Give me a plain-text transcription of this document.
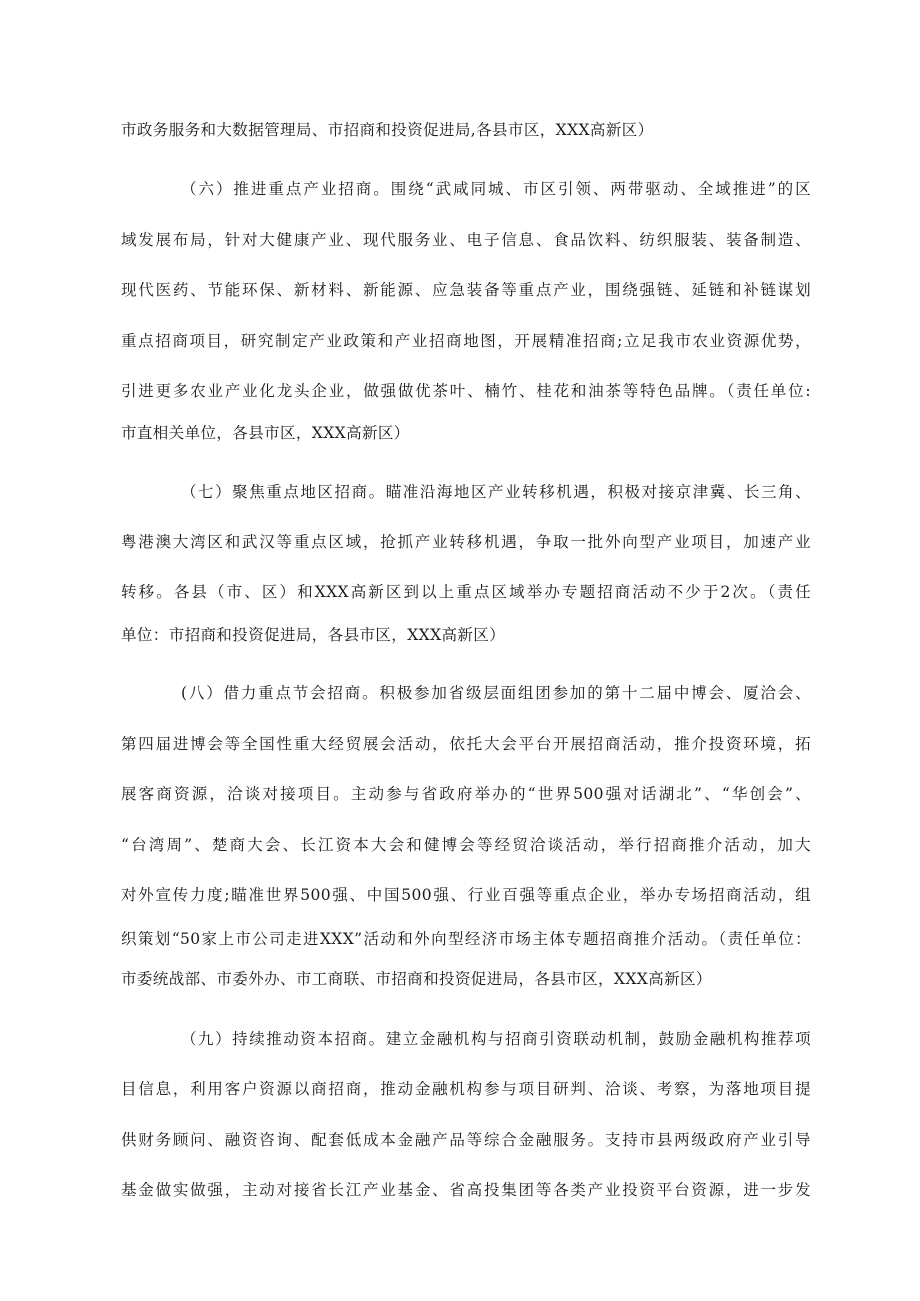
市政务服务和大数据管理局、市招商和投资促进局,各县市区，XXX高新区）
（六）推进重点产业招商。围绕“武咸同城、市区引领、两带驱动、全域推进”的区
域发展布局，针对大健康产业、现代服务业、电子信息、食品饮料、纺织服装、装备制造、
现代医药、节能环保、新材料、新能源、应急装备等重点产业，围绕强链、延链和补链谋划
重点招商项目，研究制定产业政策和产业招商地图，开展精准招商;立足我市农业资源优势，
引进更多农业产业化龙头企业，做强做优茶叶、楠竹、桂花和油茶等特色品牌。（责任单位:
市直相关单位，各县市区，XXX高新区）
（七）聚焦重点地区招商。瞄准沿海地区产业转移机遇，积极对接京津冀、长三角、
粤港澳大湾区和武汉等重点区域，抢抓产业转移机遇，争取一批外向型产业项目，加速产业
转移。各县（市、区）和XXX高新区到以上重点区域举办专题招商活动不少于2次。（责任
单位：市招商和投资促进局，各县市区，XXX高新区）
(八）借力重点节会招商。积极参加省级层面组团参加的第十二届中博会、厦洽会、
第四届进博会等全国性重大经贸展会活动，依托大会平台开展招商活动，推介投资环境，拓
展客商资源，洽谈对接项目。主动参与省政府举办的“世界500强对话湖北”、“华创会”、
“台湾周”、楚商大会、长江资本大会和健博会等经贸洽谈活动，举行招商推介活动，加大
对外宣传力度;瞄准世界500强、中国500强、行业百强等重点企业，举办专场招商活动，组
织策划“50家上市公司走进XXX”活动和外向型经济市场主体专题招商推介活动。（责任单位：
市委统战部、市委外办、市工商联、市招商和投资促进局，各县市区，XXX高新区）
（九）持续推动资本招商。建立金融机构与招商引资联动机制，鼓励金融机构推荐项
目信息，利用客户资源以商招商，推动金融机构参与项目研判、洽谈、考察，为落地项目提
供财务顾问、融资咨询、配套低成本金融产品等综合金融服务。支持市县两级政府产业引导
基金做实做强，主动对接省长江产业基金、省高投集团等各类产业投资平台资源，进一步发
